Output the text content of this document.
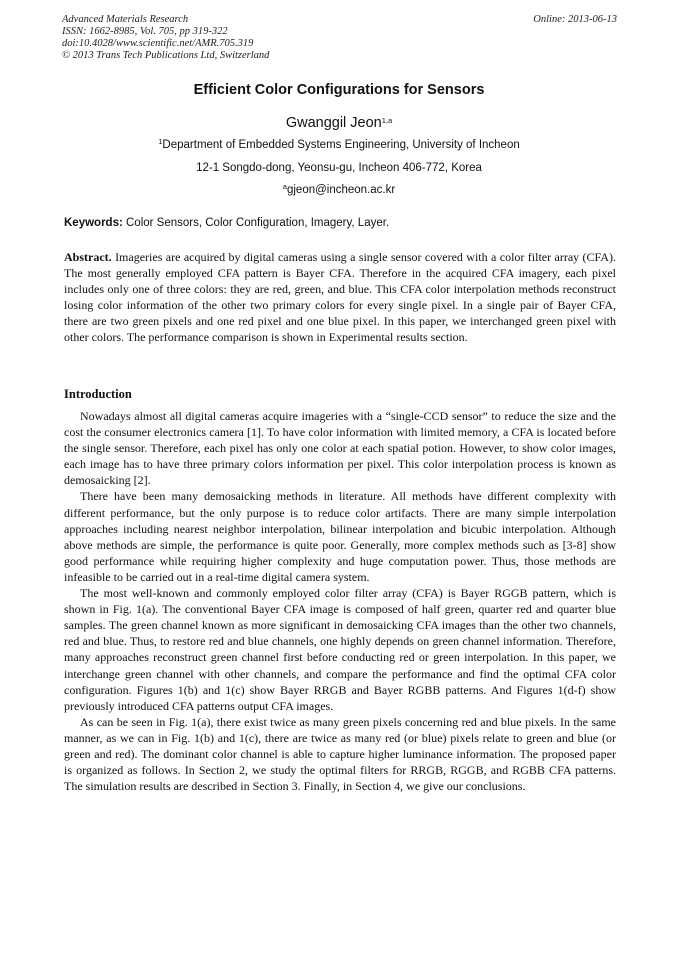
Advanced Materials Research
ISSN: 1662-8985, Vol. 705, pp 319-322
doi:10.4028/www.scientific.net/AMR.705.319
© 2013 Trans Tech Publications Ltd, Switzerland
Online: 2013-06-13
Efficient Color Configurations for Sensors
Gwanggil Jeon$^{1,a}$
$^1$Department of Embedded Systems Engineering, University of Incheon
12-1 Songdo-dong, Yeonsu-gu, Incheon 406-772, Korea
$^a$gjeon@incheon.ac.kr
Keywords: Color Sensors, Color Configuration, Imagery, Layer.

Abstract. Imageries are acquired by digital cameras using a single sensor covered with a color filter array (CFA). The most generally employed CFA pattern is Bayer CFA. Therefore in the acquired CFA imagery, each pixel includes only one of three colors: they are red, green, and blue. This CFA color interpolation methods reconstruct losing color information of the other two primary colors for every single pixel. In a single pair of Bayer CFA, there are two green pixels and one red pixel and one blue pixel. In this paper, we interchanged green pixel with other colors. The performance comparison is shown in Experimental results section.

Introduction

Nowadays almost all digital cameras acquire imageries with a “single-CCD sensor” to reduce the size and the cost the consumer electronics camera [1]. To have color information with limited memory, a CFA is located before the single sensor. Therefore, each pixel has only one color at each spatial potion. However, to show color images, each image has to have three primary colors information per pixel. This color interpolation process is known as demosaicking [2].

There have been many demosaicking methods in literature. All methods have different complexity with different performance, but the only purpose is to reduce color artifacts. There are many simple interpolation approaches including nearest neighbor interpolation, bilinear interpolation and bicubic interpolation. Although above methods are simple, the performance is quite poor. Generally, more complex methods such as [3-8] show good performance while requiring higher complexity and huge computation power. Thus, those methods are infeasible to be carried out in a real-time digital camera system.

The most well-known and commonly employed color filter array (CFA) is Bayer RGGB pattern, which is shown in Fig. 1(a). The conventional Bayer CFA image is composed of half green, quarter red and quarter blue samples. The green channel known as more significant in demosaicking CFA images than the other two channels, red and blue. Thus, to restore red and blue channels, one highly depends on green channel information. Therefore, many approaches reconstruct green channel first before conducting red or green interpolation. In this paper, we interchange green channel with other channels, and compare the performance and find the optimal CFA color configuration. Figures 1(b) and 1(c) show Bayer RRGB and Bayer RGBB patterns. And Figures 1(d-f) show previously introduced CFA patterns output CFA images.

As can be seen in Fig. 1(a), there exist twice as many green pixels concerning red and blue pixels. In the same manner, as we can in Fig. 1(b) and 1(c), there are twice as many red (or blue) pixels relate to green and blue (or green and red). The dominant color channel is able to capture higher luminance information. The proposed paper is organized as follows. In Section 2, we study the optimal filters for RRGB, RGGB, and RGBB CFA patterns. The simulation results are described in Section 3. Finally, in Section 4, we give our conclusions.
